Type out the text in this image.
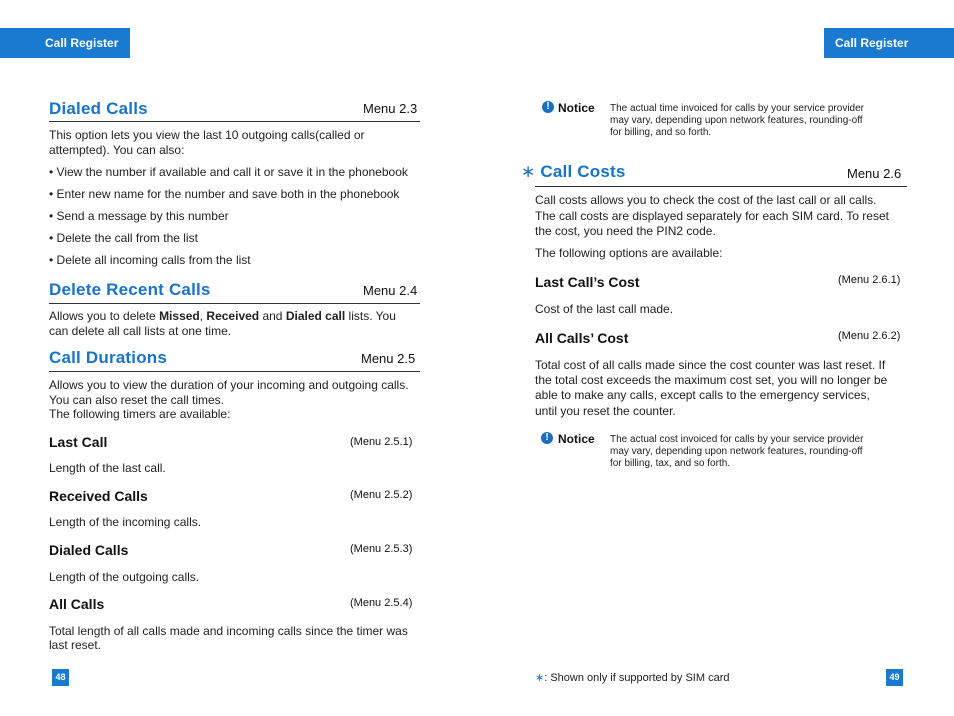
Call Register	Call Register
Dialed Calls	Menu 2.3
This option lets you view the last 10 outgoing calls(called or
attempted). You can also:
• View the number if available and call it or save it in the phonebook
• Enter new name for the number and save both in the phonebook
• Send a message by this number
• Delete the call from the list
• Delete all incoming calls from the list
Delete Recent Calls	Menu 2.4
Allows you to delete Missed, Received and Dialed call lists. You
can delete all call lists at one time.
Call Durations	Menu 2.5
Allows you to view the duration of your incoming and outgoing calls.
You can also reset the call times.
The following timers are available:
Last Call	(Menu 2.5.1)
Length of the last call.
Received Calls	(Menu 2.5.2)
Length of the incoming calls.
Dialed Calls	(Menu 2.5.3)
Length of the outgoing calls.
All Calls	(Menu 2.5.4)
Total length of all calls made and incoming calls since the timer was
last reset.
48
! Notice The actual time invoiced for calls by your service provider
may vary, depending upon network features, rounding-off
for billing, and so forth.
∗ Call Costs	Menu 2.6
Call costs allows you to check the cost of the last call or all calls.
The call costs are displayed separately for each SIM card. To reset
the cost, you need the PIN2 code.
The following options are available:
Last Call’s Cost	(Menu 2.6.1)
Cost of the last call made.
All Calls’ Cost	(Menu 2.6.2)
Total cost of all calls made since the cost counter was last reset. If
the total cost exceeds the maximum cost set, you will no longer be
able to make any calls, except calls to the emergency services,
until you reset the counter.
! Notice The actual cost invoiced for calls by your service provider
may vary, depending upon network features, rounding-off
for billing, tax, and so forth.
∗: Shown only if supported by SIM card	49
